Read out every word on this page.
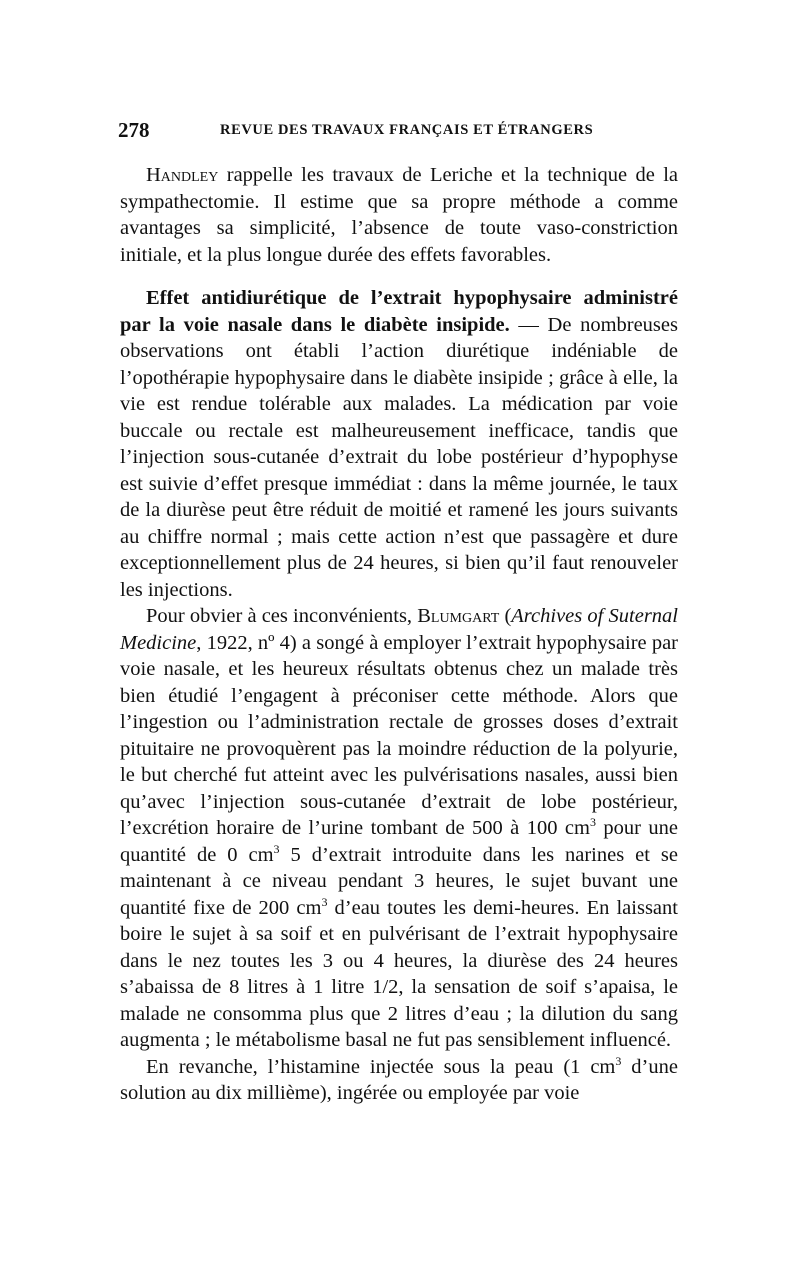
278	REVUE DES TRAVAUX FRANÇAIS ET ÉTRANGERS

Handley rappelle les travaux de Leriche et la technique de la sympathectomie. Il estime que sa propre méthode a comme avantages sa simplicité, l’absence de toute vaso-constriction initiale, et la plus longue durée des effets favorables.

Effet antidiurétique de l’extrait hypophysaire administré par la voie nasale dans le diabète insipide. — De nombreuses observations ont établi l’action diurétique indéniable de l’opothérapie hypophysaire dans le diabète insipide ; grâce à elle, la vie est rendue tolérable aux malades. La médication par voie buccale ou rectale est malheureusement inefficace, tandis que l’injection sous-cutanée d’extrait du lobe postérieur d’hypophyse est suivie d’effet presque immédiat : dans la même journée, le taux de la diurèse peut être réduit de moitié et ramené les jours suivants au chiffre normal ; mais cette action n’est que passagère et dure exceptionnellement plus de 24 heures, si bien qu’il faut renouveler les injections.

Pour obvier à ces inconvénients, Blumgart (Archives of Suternal Medicine, 1922, nº 4) a songé à employer l’extrait hypophysaire par voie nasale, et les heureux résultats obtenus chez un malade très bien étudié l’engagent à préconiser cette méthode. Alors que l’ingestion ou l’administration rectale de grosses doses d’extrait pituitaire ne provoquèrent pas la moindre réduction de la polyurie, le but cherché fut atteint avec les pulvérisations nasales, aussi bien qu’avec l’injection sous-cutanée d’extrait de lobe postérieur, l’excrétion horaire de l’urine tombant de 500 à 100 $cm^3$ pour une quantité de 0 $cm^3$ 5 d’extrait introduite dans les narines et se maintenant à ce niveau pendant 3 heures, le sujet buvant une quantité fixe de 200 $cm^3$ d’eau toutes les demi-heures. En laissant boire le sujet à sa soif et en pulvérisant de l’extrait hypophysaire dans le nez toutes les 3 ou 4 heures, la diurèse des 24 heures s’abaissa de 8 litres à 1 litre 1/2, la sensation de soif s’apaisa, le malade ne consomma plus que 2 litres d’eau ; la dilution du sang augmenta ; le métabolisme basal ne fut pas sensiblement influencé.

En revanche, l’histamine injectée sous la peau (1 $cm^3$ d’une solution au dix millième), ingérée ou employée par voie
